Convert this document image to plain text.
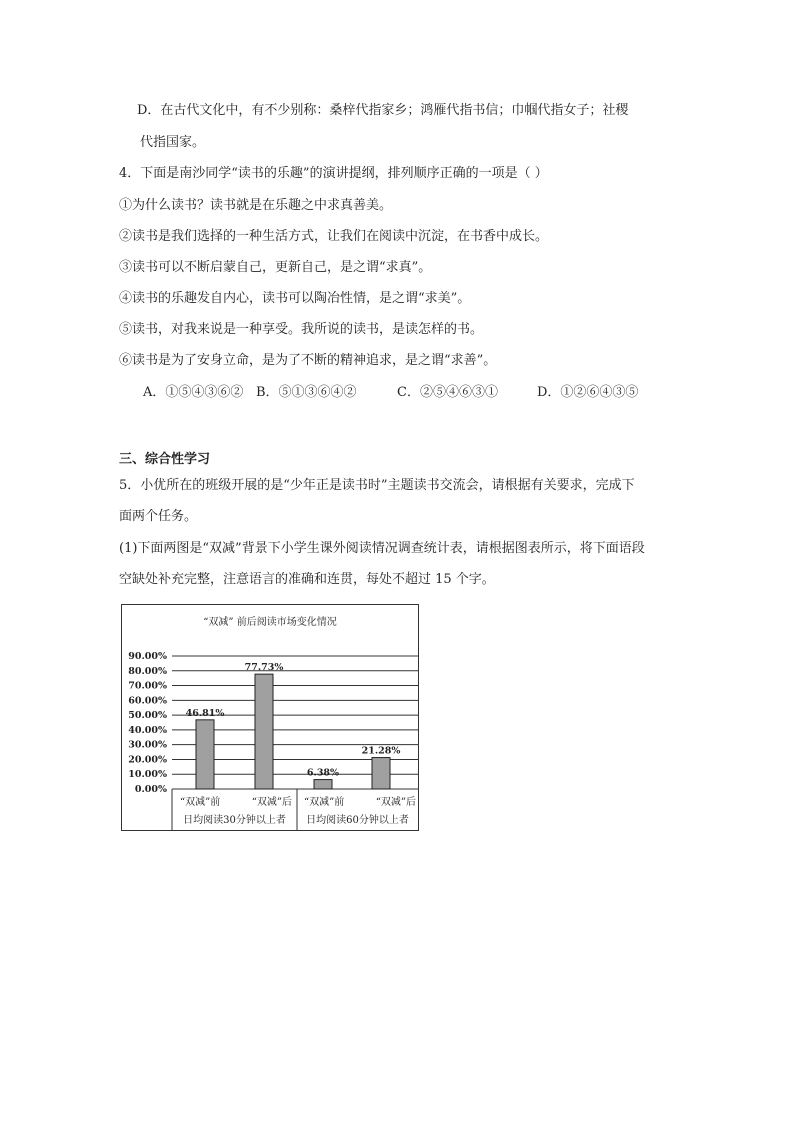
D．在古代文化中，有不少别称：桑梓代指家乡；鸿雁代指书信；巾帼代指女子；社稷
代指国家。
4．下面是南沙同学“读书的乐趣”的演讲提纲，排列顺序正确的一项是（ ）
①为什么读书？读书就是在乐趣之中求真善美。
②读书是我们选择的一种生活方式，让我们在阅读中沉淀，在书香中成长。
③读书可以不断启蒙自己，更新自己，是之谓“求真”。
④读书的乐趣发自内心，读书可以陶冶性情，是之谓“求美”。
⑤读书，对我来说是一种享受。我所说的读书，是读怎样的书。
⑥读书是为了安身立命，是为了不断的精神追求，是之谓“求善”。
A．①⑤④③⑥② B．⑤①③⑥④②	C．②⑤④⑥③①	D．①②⑥④③⑤
三、综合性学习
5．小优所在的班级开展的是“少年正是读书时”主题读书交流会，请根据有关要求，完成下
面两个任务。
(1)下面两图是“双减”背景下小学生课外阅读情况调查统计表，请根据图表所示，将下面语段
空缺处补充完整，注意语言的准确和连贯，每处不超过 15 个字。
“双减” 前后阅读市场变化情况
90.00%
80.00%
70.00%
60.00%
50.00%
40.00%
30.00%
20.00%
10.00%
0.00%
46.81%
77.73%
6.38%
21.28%
“双减”前	“双减”后 “双减”前	“双减”后
日均阅读30分钟以上者 日均阅读60分钟以上者
